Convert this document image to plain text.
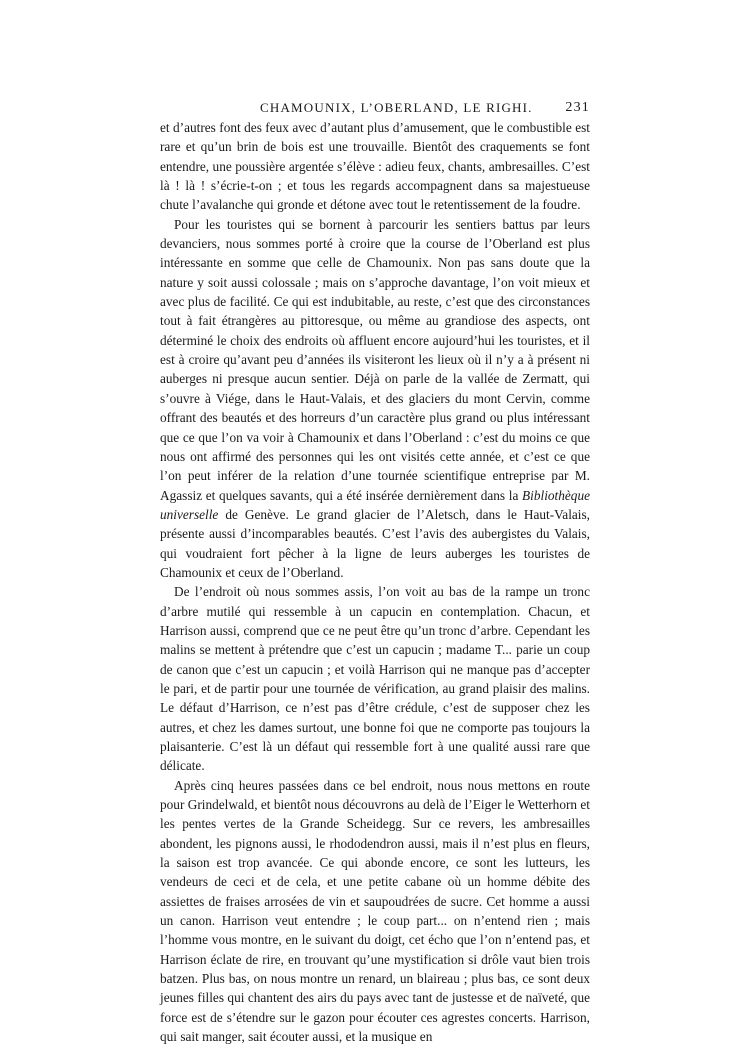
CHAMOUNIX, L’OBERLAND, LE RIGHI. 231

et d’autres font des feux avec d’autant plus d’amusement, que le combustible est rare et qu’un brin de bois est une trouvaille. Bientôt des craquements se font entendre, une poussière argentée s’élève : adieu feux, chants, ambresailles. C’est là ! là ! s’écrie-t-on ; et tous les regards accompagnent dans sa majestueuse chute l’avalanche qui gronde et détone avec tout le retentissement de la foudre.

Pour les touristes qui se bornent à parcourir les sentiers battus par leurs devanciers, nous sommes porté à croire que la course de l’Oberland est plus intéressante en somme que celle de Chamounix. Non pas sans doute que la nature y soit aussi colossale ; mais on s’approche davantage, l’on voit mieux et avec plus de facilité. Ce qui est indubitable, au reste, c’est que des circonstances tout à fait étrangères au pittoresque, ou même au grandiose des aspects, ont déterminé le choix des endroits où affluent encore aujourd’hui les touristes, et il est à croire qu’avant peu d’années ils visiteront les lieux où il n’y a à présent ni auberges ni presque aucun sentier. Déjà on parle de la vallée de Zermatt, qui s’ouvre à Viége, dans le Haut-Valais, et des glaciers du mont Cervin, comme offrant des beautés et des horreurs d’un caractère plus grand ou plus intéressant que ce que l’on va voir à Chamounix et dans l’Oberland : c’est du moins ce que nous ont affirmé des personnes qui les ont visités cette année, et c’est ce que l’on peut inférer de la relation d’une tournée scientifique entreprise par M. Agassiz et quelques savants, qui a été insérée dernièrement dans la Bibliothèque universelle de Genève. Le grand glacier de l’Aletsch, dans le Haut-Valais, présente aussi d’incomparables beautés. C’est l’avis des aubergistes du Valais, qui voudraient fort pêcher à la ligne de leurs auberges les touristes de Chamounix et ceux de l’Oberland.

De l’endroit où nous sommes assis, l’on voit au bas de la rampe un tronc d’arbre mutilé qui ressemble à un capucin en contemplation. Chacun, et Harrison aussi, comprend que ce ne peut être qu’un tronc d’arbre. Cependant les malins se mettent à prétendre que c’est un capucin ; madame T... parie un coup de canon que c’est un capucin ; et voilà Harrison qui ne manque pas d’accepter le pari, et de partir pour une tournée de vérification, au grand plaisir des malins. Le défaut d’Harrison, ce n’est pas d’être crédule, c’est de supposer chez les autres, et chez les dames surtout, une bonne foi que ne comporte pas toujours la plaisanterie. C’est là un défaut qui ressemble fort à une qualité aussi rare que délicate.

Après cinq heures passées dans ce bel endroit, nous nous mettons en route pour Grindelwald, et bientôt nous découvrons au delà de l’Eiger le Wetterhorn et les pentes vertes de la Grande Scheidegg. Sur ce revers, les ambresailles abondent, les pignons aussi, le rhododendron aussi, mais il n’est plus en fleurs, la saison est trop avancée. Ce qui abonde encore, ce sont les lutteurs, les vendeurs de ceci et de cela, et une petite cabane où un homme débite des assiettes de fraises arrosées de vin et saupoudrées de sucre. Cet homme a aussi un canon. Harrison veut entendre ; le coup part... on n’entend rien ; mais l’homme vous montre, en le suivant du doigt, cet écho que l’on n’entend pas, et Harrison éclate de rire, en trouvant qu’une mystification si drôle vaut bien trois batzen. Plus bas, on nous montre un renard, un blaireau ; plus bas, ce sont deux jeunes filles qui chantent des airs du pays avec tant de justesse et de naïveté, que force est de s’étendre sur le gazon pour écouter ces agrestes concerts. Harrison, qui sait manger, sait écouter aussi, et la musique en
